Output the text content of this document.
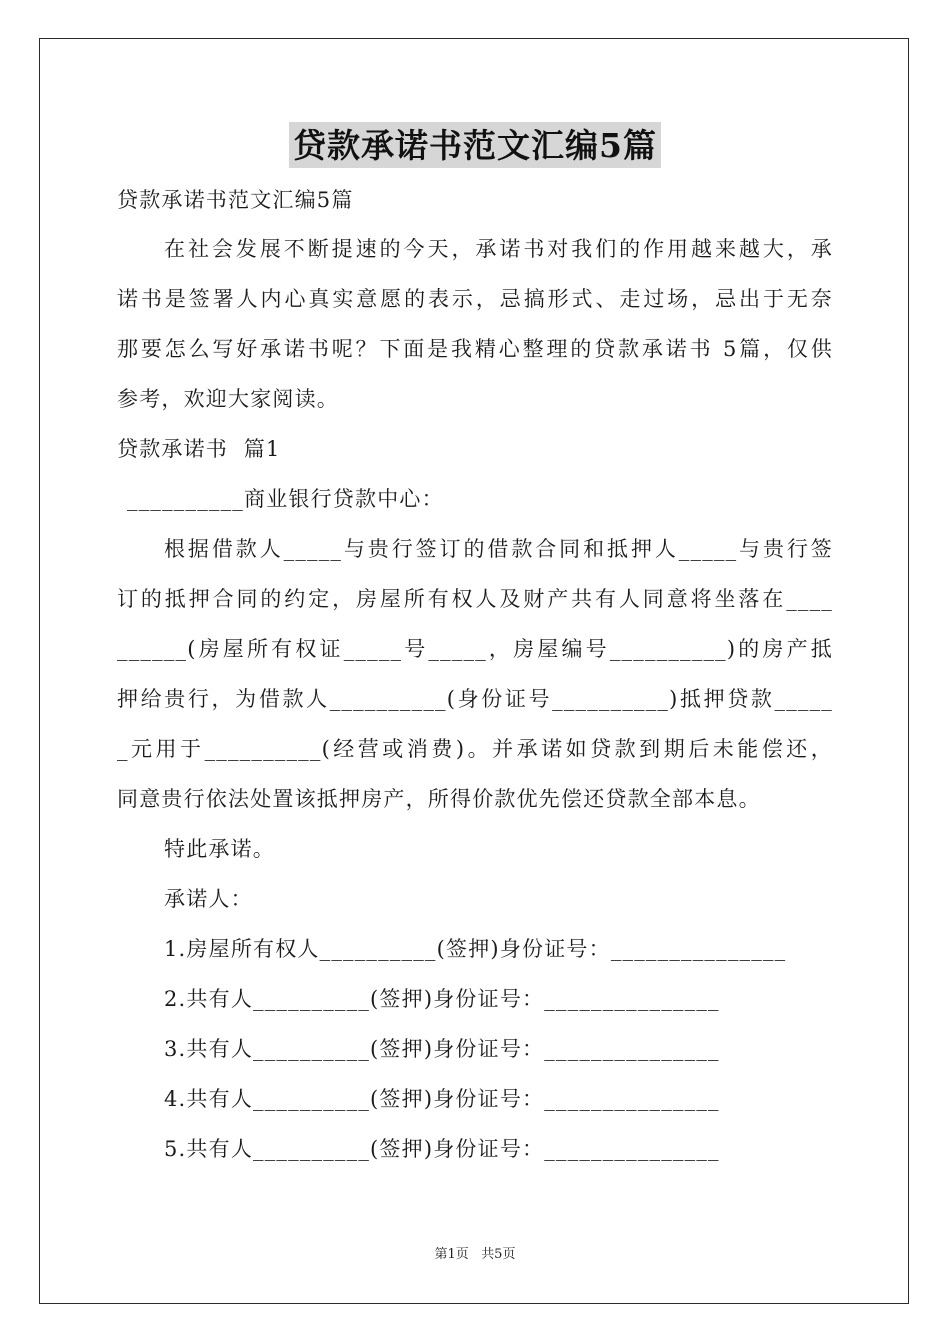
贷款承诺书范文汇编5篇
贷款承诺书范文汇编5篇
在社会发展不断提速的今天，承诺书对我们的作用越来越大，承
诺书是签署人内心真实意愿的表示，忌搞形式、走过场，忌出于无奈
那要怎么写好承诺书呢？下面是我精心整理的贷款承诺书 5篇，仅供
参考，欢迎大家阅读。
贷款承诺书  篇1
__________商业银行贷款中心：
根据借款人_____与贵行签订的借款合同和抵押人_____与贵行签
订的抵押合同的约定，房屋所有权人及财产共有人同意将坐落在____
______(房屋所有权证_____号_____，房屋编号__________)的房产抵
押给贵行，为借款人__________(身份证号__________)抵押贷款_____
_元用于__________(经营或消费)。并承诺如贷款到期后未能偿还，
同意贵行依法处置该抵押房产，所得价款优先偿还贷款全部本息。
特此承诺。
承诺人：
1.房屋所有权人__________(签押)身份证号：_______________
2.共有人__________(签押)身份证号：_______________
3.共有人__________(签押)身份证号：_______________
4.共有人__________(签押)身份证号：_______________
5.共有人__________(签押)身份证号：_______________
第1页   共5页
